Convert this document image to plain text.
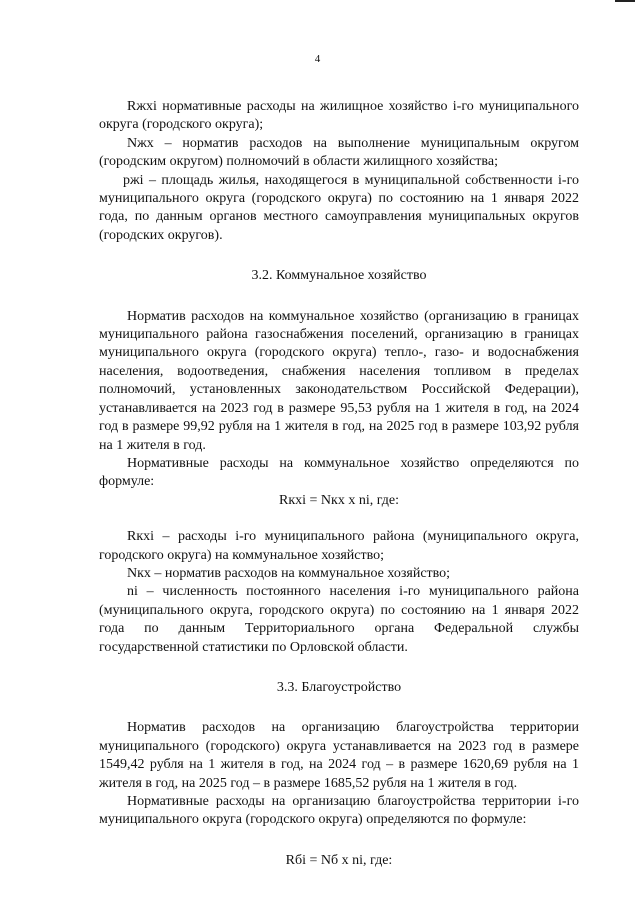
4

Rжхi нормативные расходы на жилищное хозяйство i-го муниципального округа (городского округа);

Nжх – норматив расходов на выполнение муниципальным округом (городским округом) полномочий в области жилищного хозяйства;

pжi – площадь жилья, находящегося в муниципальной собственности i-го муниципального округа (городского округа) по состоянию на 1 января 2022 года, по данным органов местного самоуправления муниципальных округов (городских округов).

3.2. Коммунальное хозяйство

Норматив расходов на коммунальное хозяйство (организацию в границах муниципального района газоснабжения поселений, организацию в границах муниципального округа (городского округа) тепло-, газо- и водоснабжения населения, водоотведения, снабжения населения топливом в пределах полномочий, установленных законодательством Российской Федерации), устанавливается на 2023 год в размере 95,53 рубля на 1 жителя в год, на 2024 год в размере 99,92 рубля на 1 жителя в год, на 2025 год в размере 103,92 рубля на 1 жителя в год.

Нормативные расходы на коммунальное хозяйство определяются по формуле:

Rкхi = Nкх x ni, где:

Rкхi – расходы i-го муниципального района (муниципального округа, городского округа) на коммунальное хозяйство;

Nкх – норматив расходов на коммунальное хозяйство;

ni – численность постоянного населения i-го муниципального района (муниципального округа, городского округа) по состоянию на 1 января 2022 года по данным Территориального органа Федеральной службы государственной статистики по Орловской области.

3.3. Благоустройство

Норматив расходов на организацию благоустройства территории муниципального (городского) округа устанавливается на 2023 год в размере 1549,42 рубля на 1 жителя в год, на 2024 год – в размере 1620,69 рубля на 1 жителя в год, на 2025 год – в размере 1685,52 рубля на 1 жителя в год.

Нормативные расходы на организацию благоустройства территории i-го муниципального округа (городского округа) определяются по формуле:

Rбi = Nб x ni, где:
